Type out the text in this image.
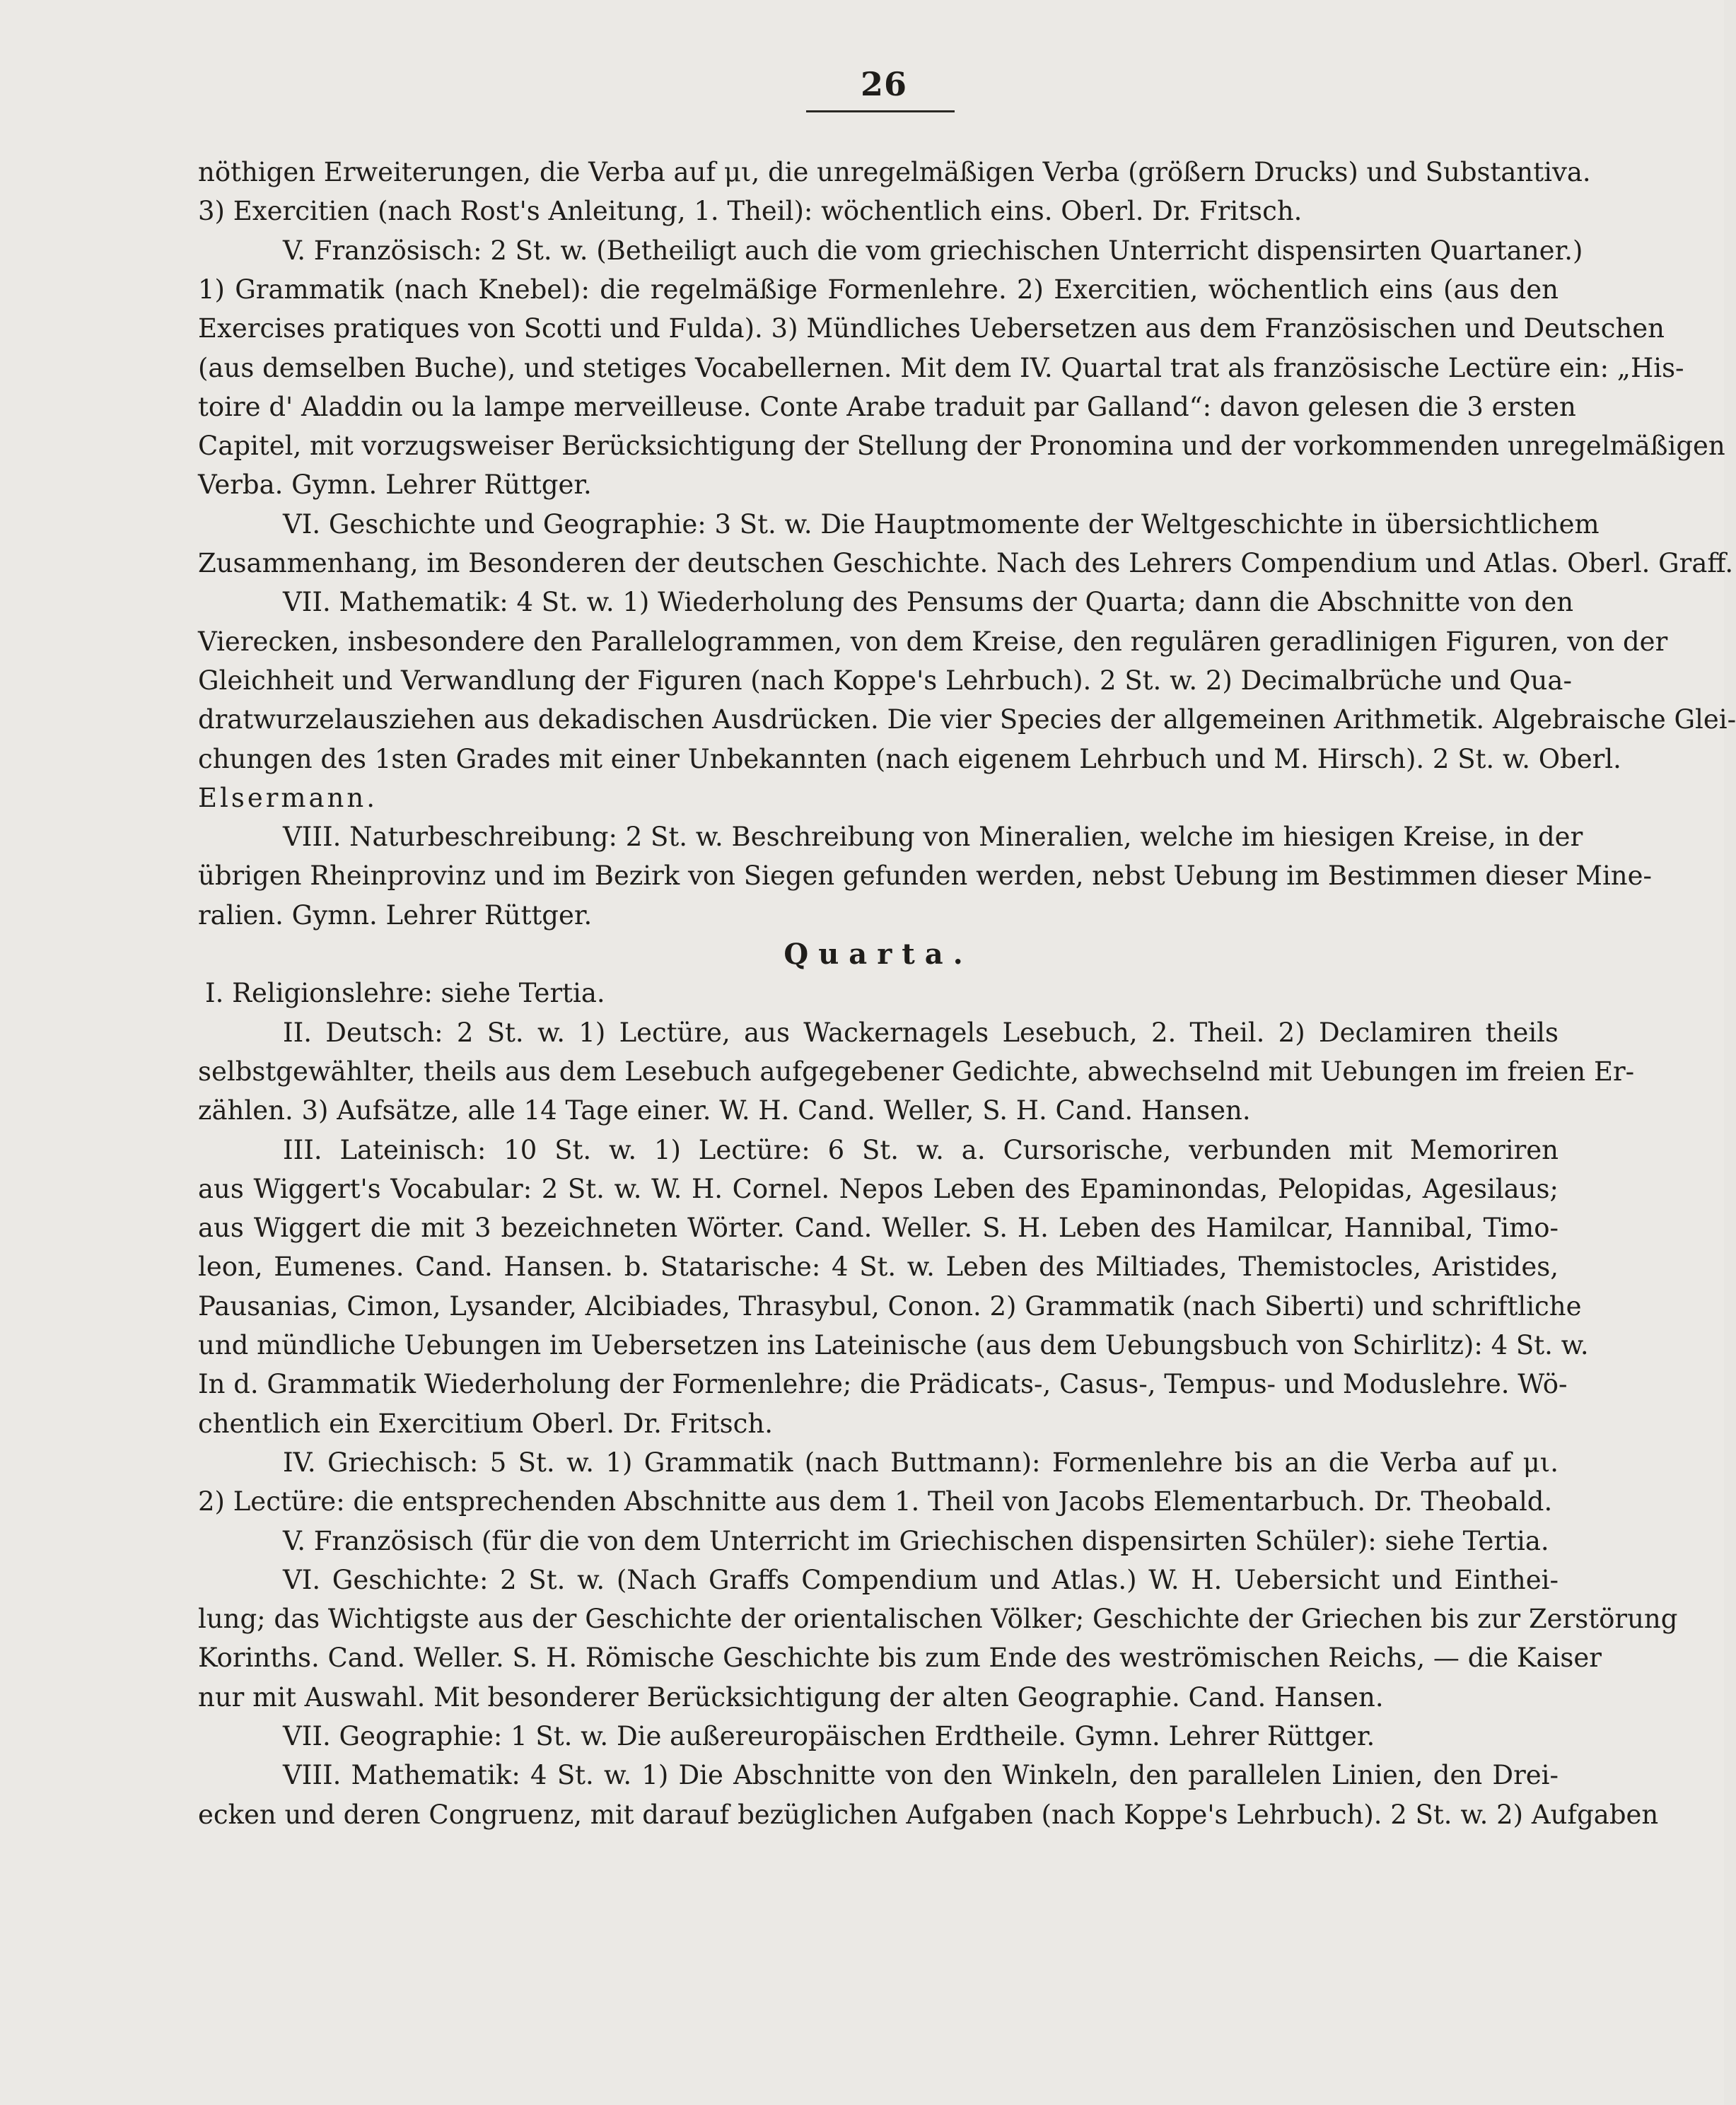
26
nöthigen Erweiterungen, die Verba auf μι, die unregelmäßigen Verba (größern Drucks) und Substantiva.
3) Exercitien (nach Rost's Anleitung, 1. Theil): wöchentlich eins. Oberl. Dr. Fritsch.
V. Französisch: 2 St. w. (Betheiligt auch die vom griechischen Unterricht dispensirten Quartaner.)
1) Grammatik (nach Knebel): die regelmäßige Formenlehre. 2) Exercitien, wöchentlich eins (aus den
Exercises pratiques von Scotti und Fulda). 3) Mündliches Uebersetzen aus dem Französischen und Deutschen
(aus demselben Buche), und stetiges Vocabellernen. Mit dem IV. Quartal trat als französische Lectüre ein: „His-
toire d' Aladdin ou la lampe merveilleuse. Conte Arabe traduit par Galland“: davon gelesen die 3 ersten
Capitel, mit vorzugsweiser Berücksichtigung der Stellung der Pronomina und der vorkommenden unregelmäßigen
Verba. Gymn. Lehrer Rüttger.
VI. Geschichte und Geographie: 3 St. w. Die Hauptmomente der Weltgeschichte in übersichtlichem
Zusammenhang, im Besonderen der deutschen Geschichte. Nach des Lehrers Compendium und Atlas. Oberl. Graff.
VII. Mathematik: 4 St. w. 1) Wiederholung des Pensums der Quarta; dann die Abschnitte von den
Vierecken, insbesondere den Parallelogrammen, von dem Kreise, den regulären geradlinigen Figuren, von der
Gleichheit und Verwandlung der Figuren (nach Koppe's Lehrbuch). 2 St. w. 2) Decimalbrüche und Qua-
dratwurzelausziehen aus dekadischen Ausdrücken. Die vier Species der allgemeinen Arithmetik. Algebraische Glei-
chungen des 1sten Grades mit einer Unbekannten (nach eigenem Lehrbuch und M. Hirsch). 2 St. w. Oberl.
Elsermann.
VIII. Naturbeschreibung: 2 St. w. Beschreibung von Mineralien, welche im hiesigen Kreise, in der
übrigen Rheinprovinz und im Bezirk von Siegen gefunden werden, nebst Uebung im Bestimmen dieser Mine-
ralien. Gymn. Lehrer Rüttger.
Quarta.
I. Religionslehre: siehe Tertia.
II. Deutsch: 2 St. w. 1) Lectüre, aus Wackernagels Lesebuch, 2. Theil. 2) Declamiren theils
selbstgewählter, theils aus dem Lesebuch aufgegebener Gedichte, abwechselnd mit Uebungen im freien Er-
zählen. 3) Aufsätze, alle 14 Tage einer. W. H. Cand. Weller, S. H. Cand. Hansen.
III. Lateinisch: 10 St. w. 1) Lectüre: 6 St. w. a. Cursorische, verbunden mit Memoriren
aus Wiggert's Vocabular: 2 St. w. W. H. Cornel. Nepos Leben des Epaminondas, Pelopidas, Agesilaus;
aus Wiggert die mit 3 bezeichneten Wörter. Cand. Weller. S. H. Leben des Hamilcar, Hannibal, Timo-
leon, Eumenes. Cand. Hansen. b. Statarische: 4 St. w. Leben des Miltiades, Themistocles, Aristides,
Pausanias, Cimon, Lysander, Alcibiades, Thrasybul, Conon. 2) Grammatik (nach Siberti) und schriftliche
und mündliche Uebungen im Uebersetzen ins Lateinische (aus dem Uebungsbuch von Schirlitz): 4 St. w.
In d. Grammatik Wiederholung der Formenlehre; die Prädicats-, Casus-, Tempus- und Moduslehre. Wö-
chentlich ein Exercitium Oberl. Dr. Fritsch.
IV. Griechisch: 5 St. w. 1) Grammatik (nach Buttmann): Formenlehre bis an die Verba auf μι.
2) Lectüre: die entsprechenden Abschnitte aus dem 1. Theil von Jacobs Elementarbuch. Dr. Theobald.
V. Französisch (für die von dem Unterricht im Griechischen dispensirten Schüler): siehe Tertia.
VI. Geschichte: 2 St. w. (Nach Graffs Compendium und Atlas.) W. H. Uebersicht und Einthei-
lung; das Wichtigste aus der Geschichte der orientalischen Völker; Geschichte der Griechen bis zur Zerstörung
Korinths. Cand. Weller. S. H. Römische Geschichte bis zum Ende des weströmischen Reichs, — die Kaiser
nur mit Auswahl. Mit besonderer Berücksichtigung der alten Geographie. Cand. Hansen.
VII. Geographie: 1 St. w. Die außereuropäischen Erdtheile. Gymn. Lehrer Rüttger.
VIII. Mathematik: 4 St. w. 1) Die Abschnitte von den Winkeln, den parallelen Linien, den Drei-
ecken und deren Congruenz, mit darauf bezüglichen Aufgaben (nach Koppe's Lehrbuch). 2 St. w. 2) Aufgaben
